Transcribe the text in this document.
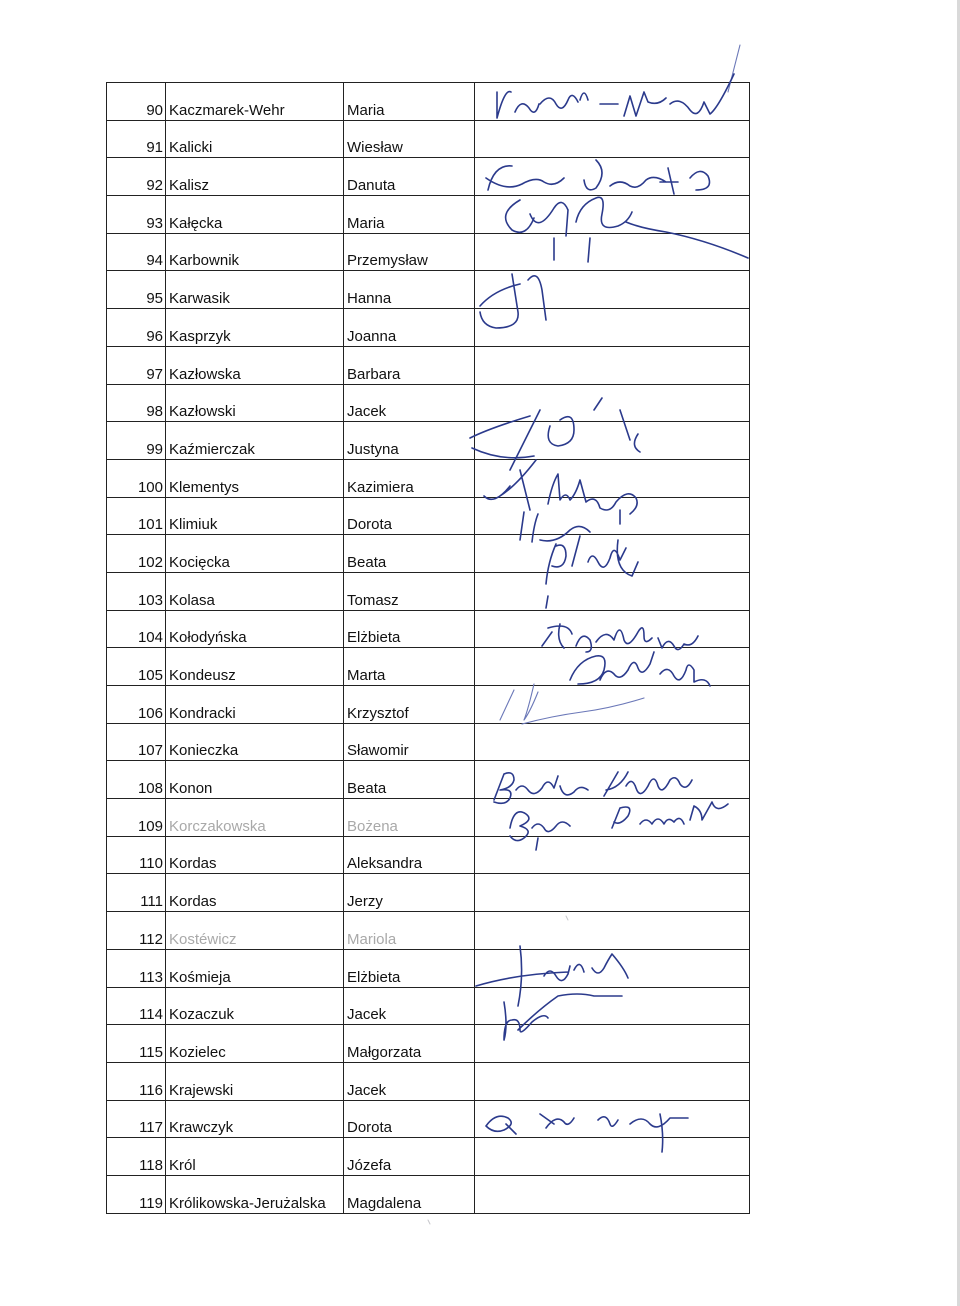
90	Kaczmarek-Wehr	Maria	
91	Kalicki	Wiesław	
92	Kalisz	Danuta	
93	Kałęcka	Maria	
94	Karbownik	Przemysław	
95	Karwasik	Hanna	
96	Kasprzyk	Joanna	
97	Kazłowska	Barbara	
98	Kazłowski	Jacek	
99	Kaźmierczak	Justyna	
100	Klementys	Kazimiera	
101	Klimiuk	Dorota	
102	Kocięcka	Beata	
103	Kolasa	Tomasz	
104	Kołodyńska	Elżbieta	
105	Kondeusz	Marta	
106	Kondracki	Krzysztof	
107	Konieczka	Sławomir	
108	Konon	Beata	
109	Korczakowska	Bożena	
110	Kordas	Aleksandra	
111	Kordas	Jerzy	
112	Kostéwicz	Mariola	
113	Kośmieja	Elżbieta	
114	Kozaczuk	Jacek	
115	Kozielec	Małgorzata	
116	Krajewski	Jacek	
117	Krawczyk	Dorota	
118	Król	Józefa	
119	Królikowska-Jerużalska	Magdalena	
